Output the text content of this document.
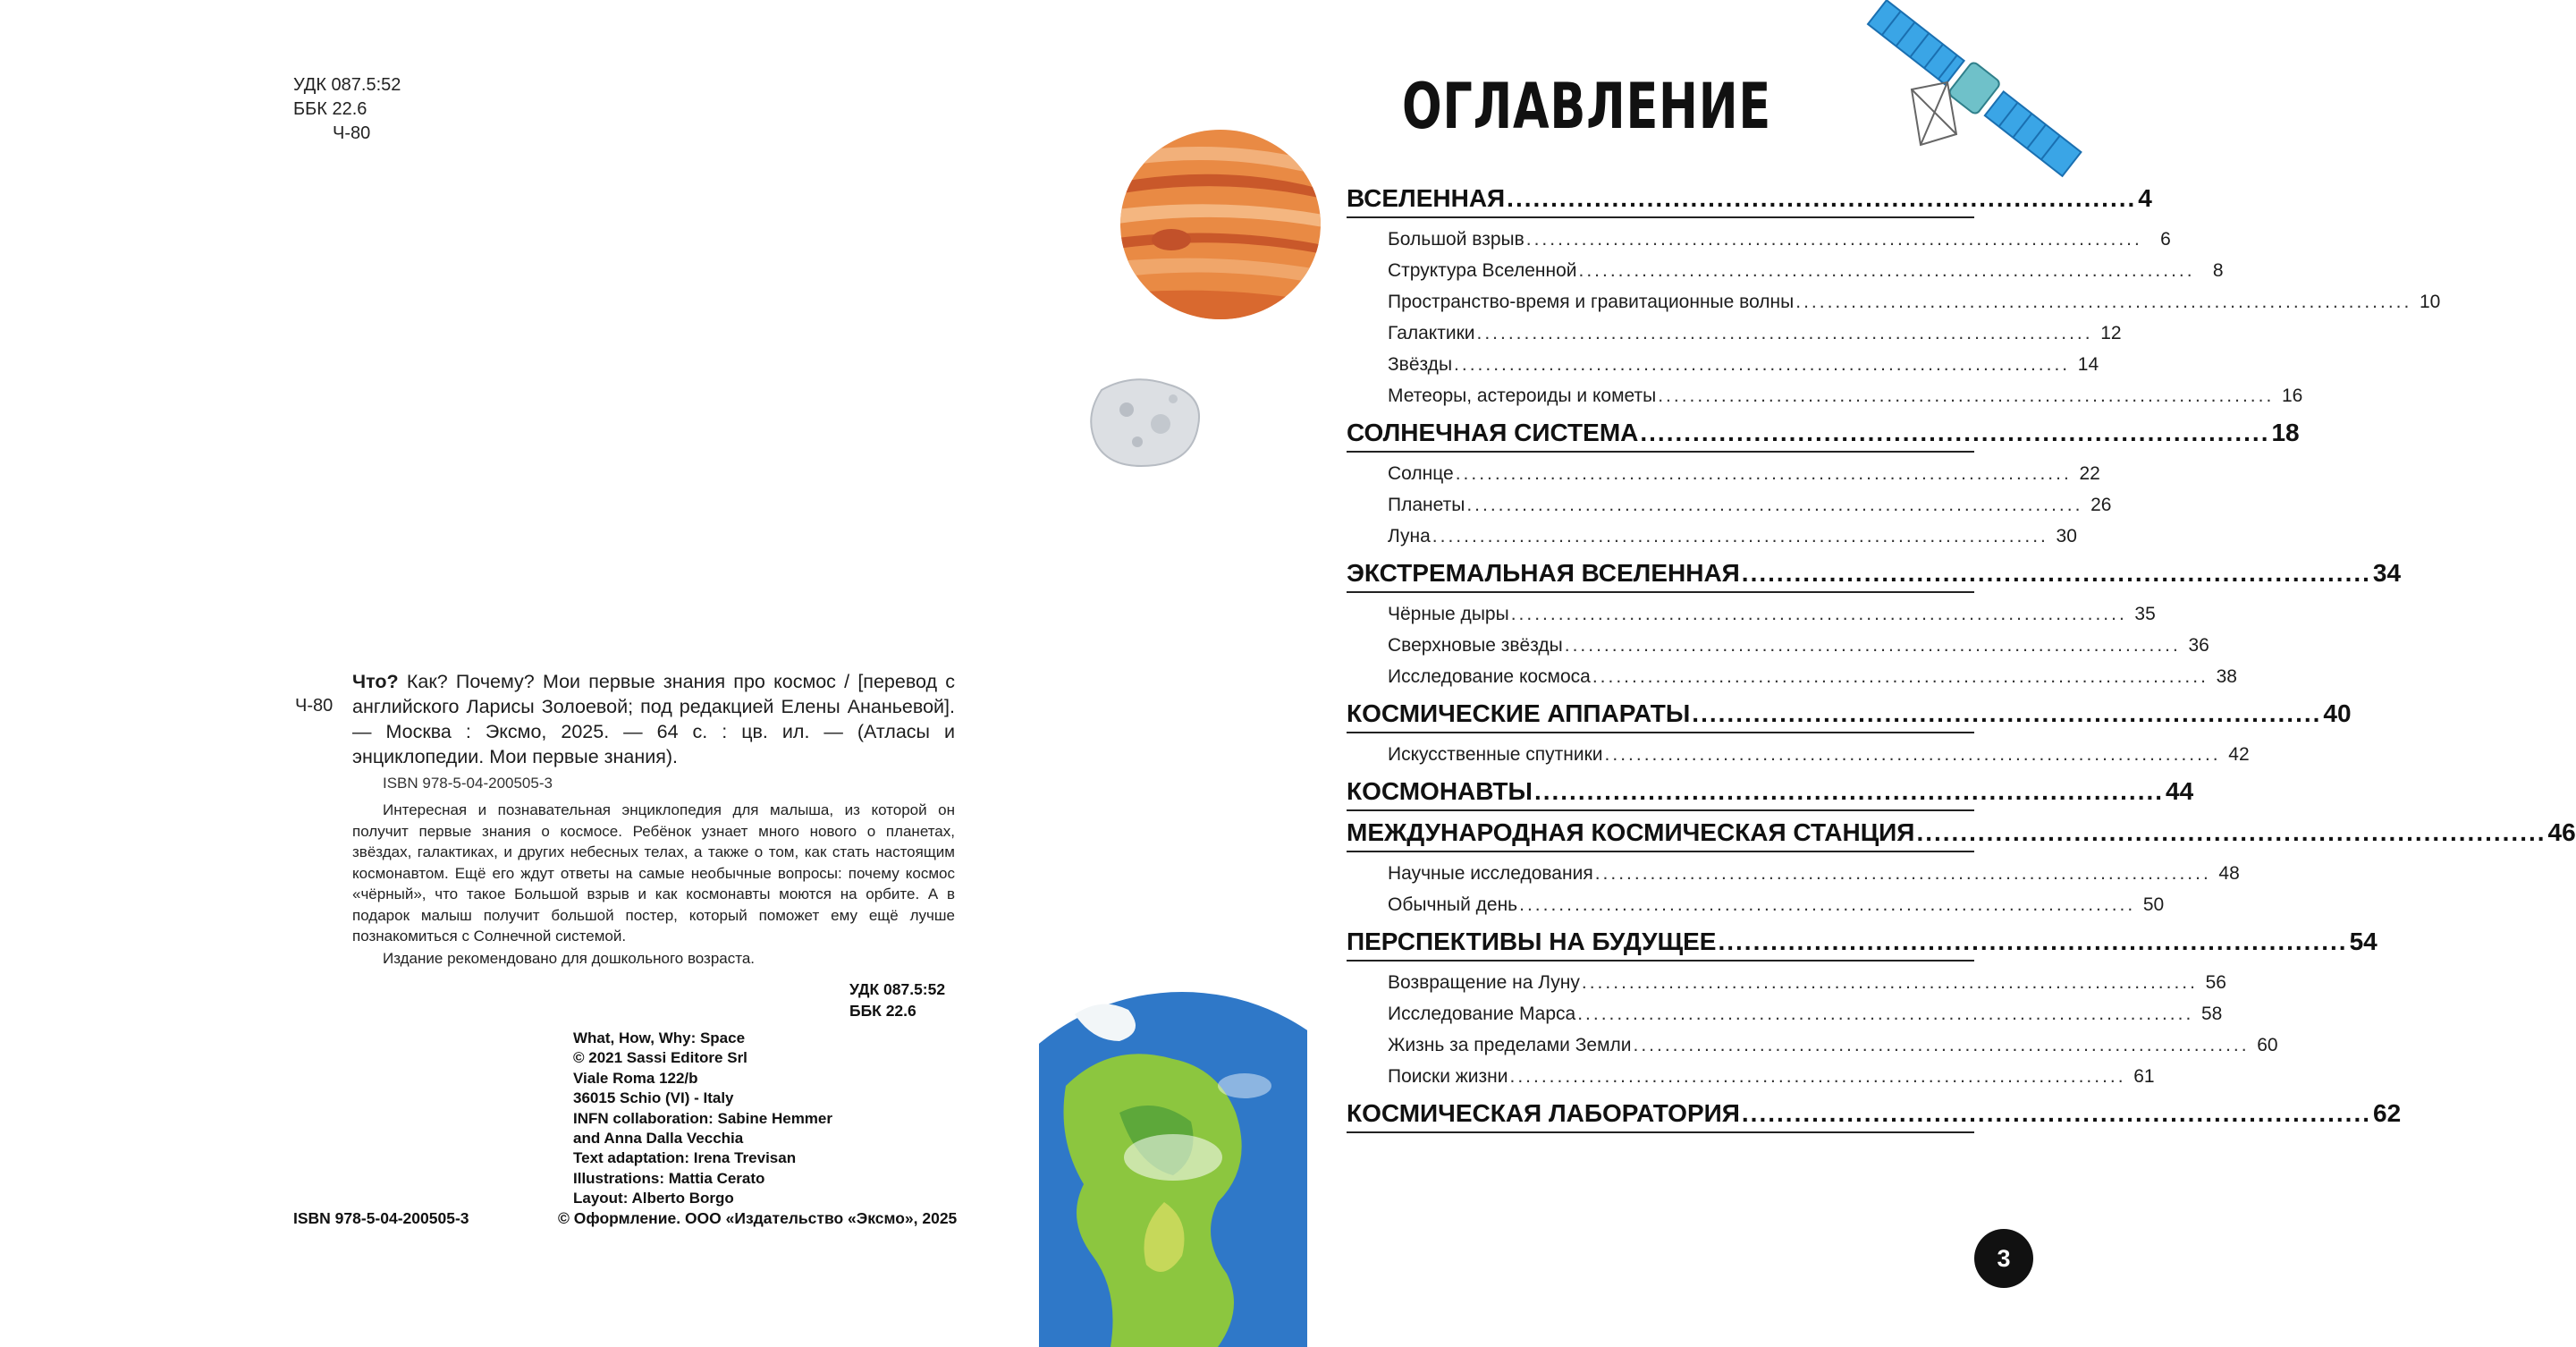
УДК 087.5:52
ББК 22.6
Ч-80
Ч-80
Что? Как? Почему? Мои первые знания про космос / [перевод с английского Ларисы Золоевой; под редакцией Елены Ананьевой]. — Москва : Эксмо, 2025. — 64 с. : цв. ил. — (Атласы и энциклопедии. Мои первые знания).
ISBN 978-5-04-200505-3

Интересная и познавательная энциклопедия для малыша, из которой он получит первые знания о космосе. Ребёнок узнает много нового о планетах, звёздах, галактиках, и других небесных телах, а также о том, как стать настоящим космонавтом. Ещё его ждут ответы на самые необычные вопросы: почему космос «чёрный», что такое Большой взрыв и как космонавты моются на орбите. А в подарок малыш получит большой постер, который поможет ему ещё лучше познакомиться с Солнечной системой.

Издание рекомендовано для дошкольного возраста.

УДК 087.5:52
ББК 22.6
What, How, Why: Space
© 2021 Sassi Editore Srl
Viale Roma 122/b
36015 Schio (VI) - Italy
INFN collaboration: Sabine Hemmer
and Anna Dalla Vecchia
Text adaptation: Irena Trevisan
Illustrations: Mattia Cerato
Layout: Alberto Borgo
ISBN 978-5-04-200505-3	© Оформление. ООО «Издательство «Эксмо», 2025
ОГЛАВЛЕНИЕ
ВСЕЛЕННАЯ ........................................................................ 4
Большой взрыв .............................................................................. 6
Структура Вселенной .............................................................................. 8
Пространство-время и гравитационные волны .............................................................................. 10
Галактики .............................................................................. 12
Звёзды .............................................................................. 14
Метеоры, астероиды и кометы .............................................................................. 16
СОЛНЕЧНАЯ СИСТЕМА ........................................................................ 18
Солнце .............................................................................. 22
Планеты .............................................................................. 26
Луна .............................................................................. 30
ЭКСТРЕМАЛЬНАЯ ВСЕЛЕННАЯ ........................................................................ 34
Чёрные дыры .............................................................................. 35
Сверхновые звёзды .............................................................................. 36
Исследование космоса .............................................................................. 38
КОСМИЧЕСКИЕ АППАРАТЫ ........................................................................ 40
Искусственные спутники .............................................................................. 42
КОСМОНАВТЫ ........................................................................ 44
МЕЖДУНАРОДНАЯ КОСМИЧЕСКАЯ СТАНЦИЯ ........................................................................ 46
Научные исследования .............................................................................. 48
Обычный день .............................................................................. 50
ПЕРСПЕКТИВЫ НА БУДУЩЕЕ ........................................................................ 54
Возвращение на Луну .............................................................................. 56
Исследование Марса .............................................................................. 58
Жизнь за пределами Земли .............................................................................. 60
Поиски жизни .............................................................................. 61
КОСМИЧЕСКАЯ ЛАБОРАТОРИЯ ........................................................................ 62
3
